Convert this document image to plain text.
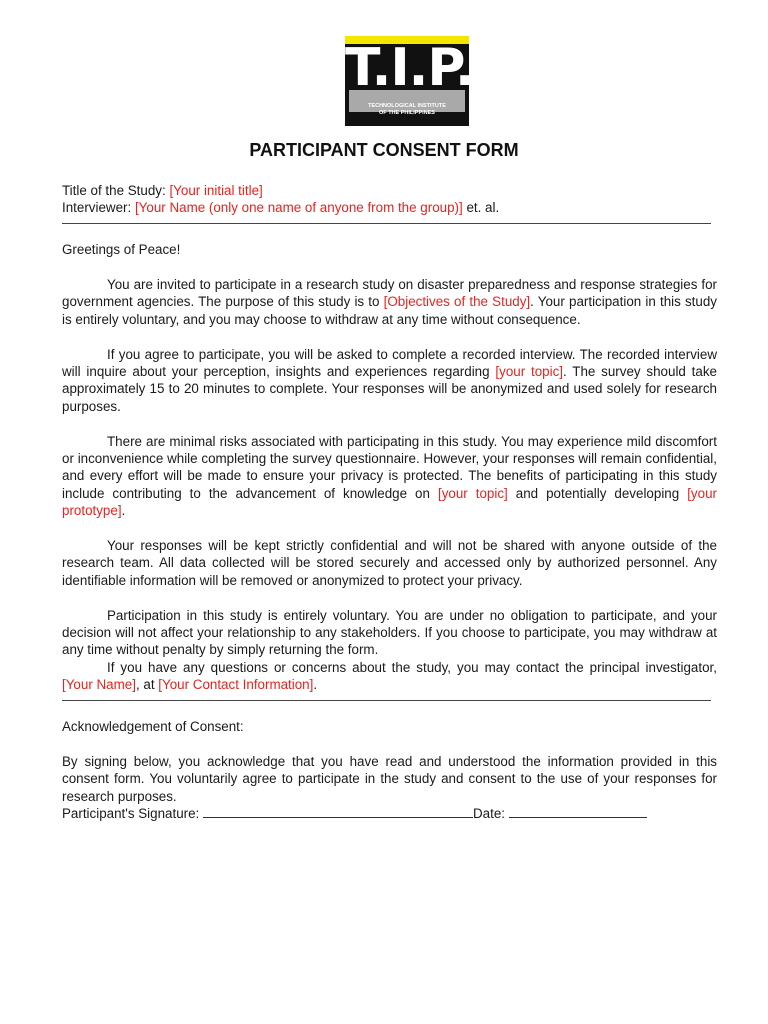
T.I.P.
TECHNOLOGICAL INSTITUTE
OF THE PHILIPPINES
PARTICIPANT CONSENT FORM

Title of the Study: [Your initial title]

Interviewer: [Your Name (only one name of anyone from the group)] et. al.

Greetings of Peace!

You are invited to participate in a research study on disaster preparedness and response strategies for government agencies. The purpose of this study is to [Objectives of the Study]. Your participation in this study is entirely voluntary, and you may choose to withdraw at any time without consequence.

If you agree to participate, you will be asked to complete a recorded interview. The recorded interview will inquire about your perception, insights and experiences regarding [your topic]. The survey should take approximately 15 to 20 minutes to complete. Your responses will be anonymized and used solely for research purposes.

There are minimal risks associated with participating in this study. You may experience mild discomfort or inconvenience while completing the survey questionnaire. However, your responses will remain confidential, and every effort will be made to ensure your privacy is protected. The benefits of participating in this study include contributing to the advancement of knowledge on [your topic] and potentially developing [your prototype].

Your responses will be kept strictly confidential and will not be shared with anyone outside of the research team. All data collected will be stored securely and accessed only by authorized personnel. Any identifiable information will be removed or anonymized to protect your privacy.

Participation in this study is entirely voluntary. You are under no obligation to participate, and your decision will not affect your relationship to any stakeholders. If you choose to participate, you may withdraw at any time without penalty by simply returning the form.

If you have any questions or concerns about the study, you may contact the principal investigator, [Your Name], at [Your Contact Information].

Acknowledgement of Consent:

By signing below, you acknowledge that you have read and understood the information provided in this consent form. You voluntarily agree to participate in the study and consent to the use of your responses for research purposes.

Participant's Signature:	Date:
